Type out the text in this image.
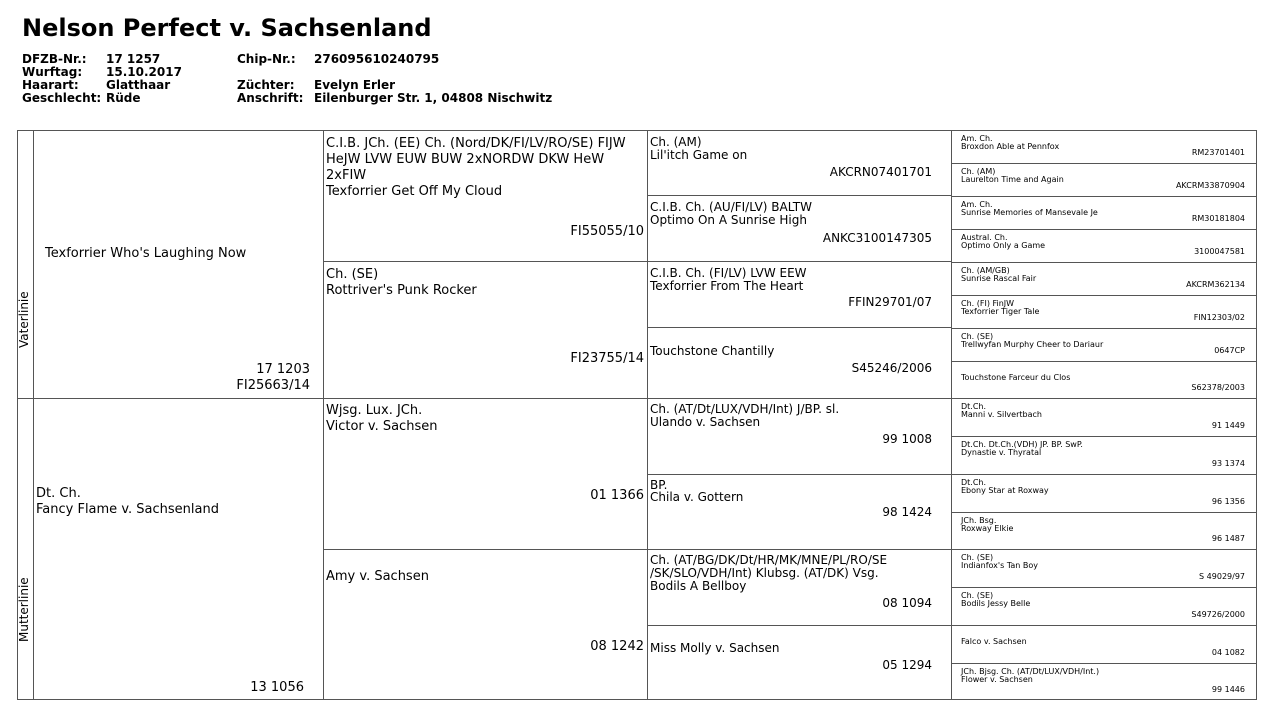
Nelson Perfect v. Sachsenland
DFZB-Nr.: 17 1257
Wurftag: 15.10.2017
Haarart: Glatthaar
Geschlecht: Rüde
Chip-Nr.: 276095610240795
Züchter: Evelyn Erler
Anschrift: Eilenburger Str. 1, 04808 Nischwitz
Vaterlinie
Mutterlinie
Texforrier Who's Laughing Now
17 1203
FI25663/14
Dt. Ch.
Fancy Flame v. Sachsenland
13 1056
C.I.B. JCh. (EE) Ch. (Nord/DK/FI/LV/RO/SE) FIJW HeJW LVW EUW BUW 2xNORDW DKW HeW 2xFIW
Texforrier Get Off My Cloud
FI55055/10
Ch. (SE)
Rottriver's Punk Rocker
FI23755/14
Wjsg. Lux. JCh.
Victor v. Sachsen
01 1366
Amy v. Sachsen
08 1242
Ch. (AM)
Lil'itch Game on
AKCRN07401701
C.I.B. Ch. (AU/FI/LV) BALTW
Optimo On A Sunrise High
ANKC3100147305
C.I.B. Ch. (FI/LV) LVW EEW
Texforrier From The Heart
FFIN29701/07
Touchstone Chantilly
S45246/2006
Ch. (AT/Dt/LUX/VDH/Int) J/BP. sl.
Ulando v. Sachsen
99 1008
BP.
Chila v. Gottern
98 1424
Ch. (AT/BG/DK/Dt/HR/MK/MNE/PL/RO/SE /SK/SLO/VDH/Int) Klubsg. (AT/DK) Vsg.
Bodils A Bellboy
08 1094
Miss Molly v. Sachsen
05 1294
Am. Ch.
Broxdon Able at Pennfox
RM23701401
Ch. (AM)
Laurelton Time and Again
AKCRM33870904
Am. Ch.
Sunrise Memories of Mansevale Je
RM30181804
Austral. Ch.
Optimo Only a Game
3100047581
Ch. (AM/GB)
Sunrise Rascal Fair
AKCRM362134
Ch. (FI) FinJW
Texforrier Tiger Tale
FIN12303/02
Ch. (SE)
Trellwyfan Murphy Cheer to Dariaur
0647CP
Touchstone Farceur du Clos
S62378/2003
Dt.Ch.
Manni v. Silvertbach
91 1449
Dt.Ch. Dt.Ch.(VDH) JP. BP. SwP.
Dynastie v. Thyratal
93 1374
Dt.Ch.
Ebony Star at Roxway
96 1356
JCh. Bsg.
Roxway Elkie
96 1487
Ch. (SE)
Indianfox's Tan Boy
S 49029/97
Ch. (SE)
Bodils Jessy Belle
S49726/2000
Falco v. Sachsen
04 1082
JCh. Bjsg. Ch. (AT/Dt/LUX/VDH/Int.)
Flower v. Sachsen
99 1446
